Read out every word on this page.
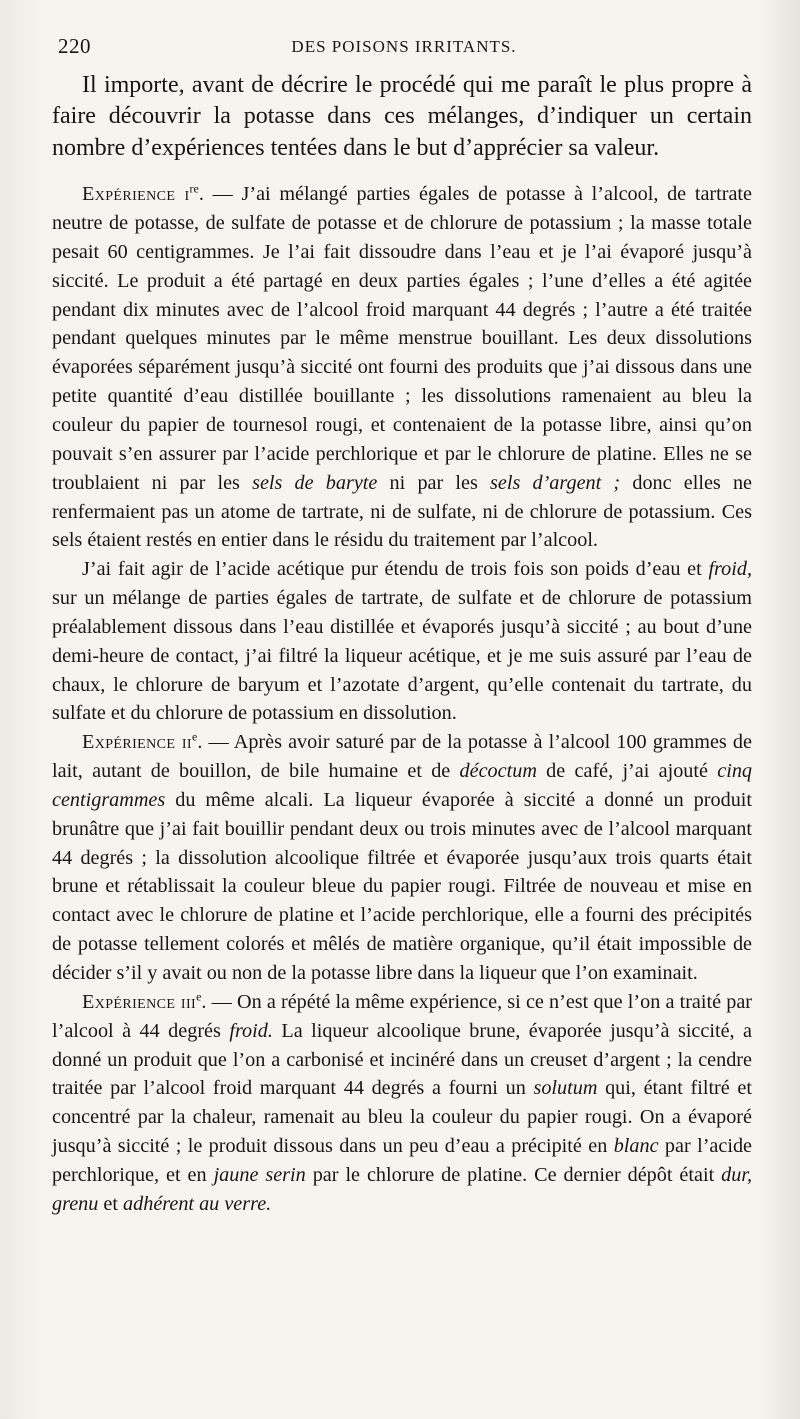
220	DES POISONS IRRITANTS.

Il importe, avant de décrire le procédé qui me paraît le plus propre à faire découvrir la potasse dans ces mélanges, d’indiquer un certain nombre d’expériences tentées dans le but d’apprécier sa valeur.

Expérience $i^{re}$. — J’ai mélangé parties égales de potasse à l’alcool, de tartrate neutre de potasse, de sulfate de potasse et de chlorure de potassium ; la masse totale pesait 60 centigrammes. Je l’ai fait dissoudre dans l’eau et je l’ai évaporé jusqu’à siccité. Le produit a été partagé en deux parties égales ; l’une d’elles a été agitée pendant dix minutes avec de l’alcool froid marquant 44 degrés ; l’autre a été traitée pendant quelques minutes par le même menstrue bouillant. Les deux dissolutions évaporées séparément jusqu’à siccité ont fourni des produits que j’ai dissous dans une petite quantité d’eau distillée bouillante ; les dissolutions ramenaient au bleu la couleur du papier de tournesol rougi, et contenaient de la potasse libre, ainsi qu’on pouvait s’en assurer par l’acide perchlorique et par le chlorure de platine. Elles ne se troublaient ni par les sels de baryte ni par les sels d’argent ; donc elles ne renfermaient pas un atome de tartrate, ni de sulfate, ni de chlorure de potassium. Ces sels étaient restés en entier dans le résidu du traitement par l’alcool.

J’ai fait agir de l’acide acétique pur étendu de trois fois son poids d’eau et froid, sur un mélange de parties égales de tartrate, de sulfate et de chlorure de potassium préalablement dissous dans l’eau distillée et évaporés jusqu’à siccité ; au bout d’une demi-heure de contact, j’ai filtré la liqueur acétique, et je me suis assuré par l’eau de chaux, le chlorure de baryum et l’azotate d’argent, qu’elle contenait du tartrate, du sulfate et du chlorure de potassium en dissolution.

Expérience $ii^e$. — Après avoir saturé par de la potasse à l’alcool 100 grammes de lait, autant de bouillon, de bile humaine et de décoctum de café, j’ai ajouté cinq centigrammes du même alcali. La liqueur évaporée à siccité a donné un produit brunâtre que j’ai fait bouillir pendant deux ou trois minutes avec de l’alcool marquant 44 degrés ; la dissolution alcoolique filtrée et évaporée jusqu’aux trois quarts était brune et rétablissait la couleur bleue du papier rougi. Filtrée de nouveau et mise en contact avec le chlorure de platine et l’acide perchlorique, elle a fourni des précipités de potasse tellement colorés et mêlés de matière organique, qu’il était impossible de décider s’il y avait ou non de la potasse libre dans la liqueur que l’on examinait.

Expérience iii$^e$. — On a répété la même expérience, si ce n’est que l’on a traité par l’alcool à 44 degrés froid. La liqueur alcoolique brune, évaporée jusqu’à siccité, a donné un produit que l’on a carbonisé et incinéré dans un creuset d’argent ; la cendre traitée par l’alcool froid marquant 44 degrés a fourni un solutum qui, étant filtré et concentré par la chaleur, ramenait au bleu la couleur du papier rougi. On a évaporé jusqu’à siccité ; le produit dissous dans un peu d’eau a précipité en blanc par l’acide perchlorique, et en jaune serin par le chlorure de platine. Ce dernier dépôt était dur, grenu et adhérent au verre.
